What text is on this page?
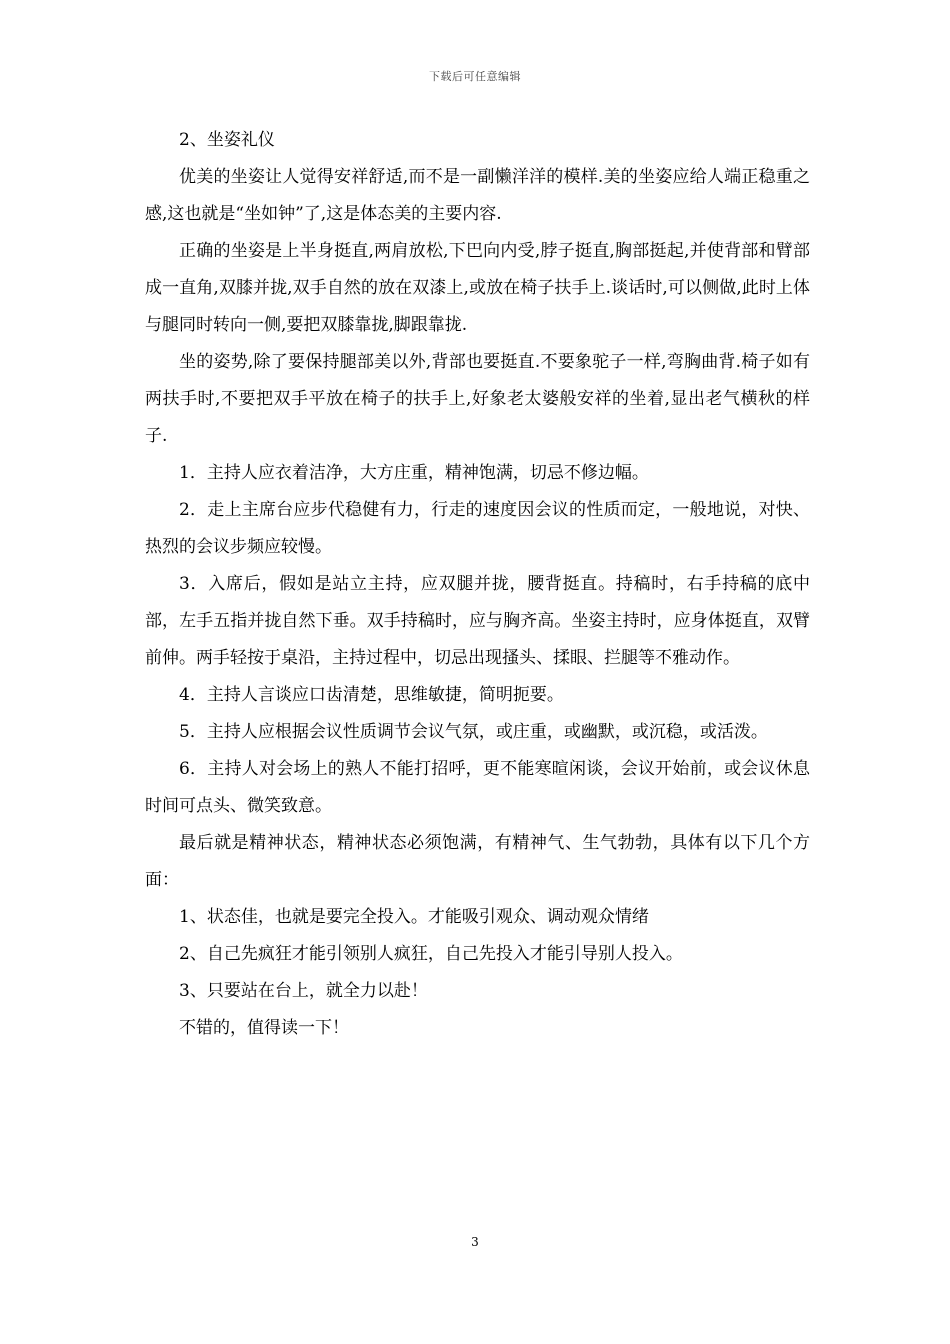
下载后可任意编辑

2、坐姿礼仪

优美的坐姿让人觉得安祥舒适,而不是一副懒洋洋的模样.美的坐姿应给人端正稳重之感,这也就是“坐如钟”了,这是体态美的主要内容.

正确的坐姿是上半身挺直,两肩放松,下巴向内受,脖子挺直,胸部挺起,并使背部和臂部成一直角,双膝并拢,双手自然的放在双漆上,或放在椅子扶手上.谈话时,可以侧做,此时上体与腿同时转向一侧,要把双膝靠拢,脚跟靠拢.

坐的姿势,除了要保持腿部美以外,背部也要挺直.不要象驼子一样,弯胸曲背.椅子如有两扶手时,不要把双手平放在椅子的扶手上,好象老太婆般安祥的坐着,显出老气横秋的样子.

1．主持人应衣着洁净，大方庄重，精神饱满，切忌不修边幅。

2．走上主席台应步代稳健有力，行走的速度因会议的性质而定，一般地说，对快、热烈的会议步频应较慢。

3．入席后，假如是站立主持，应双腿并拢，腰背挺直。持稿时，右手持稿的底中部，左手五指并拢自然下垂。双手持稿时，应与胸齐高。坐姿主持时，应身体挺直，双臂前伸。两手轻按于桌沿，主持过程中，切忌出现搔头、揉眼、拦腿等不雅动作。

4．主持人言谈应口齿清楚，思维敏捷，简明扼要。

5．主持人应根据会议性质调节会议气氛，或庄重，或幽默，或沉稳，或活泼。

6．主持人对会场上的熟人不能打招呼，更不能寒暄闲谈，会议开始前，或会议休息时间可点头、微笑致意。

最后就是精神状态，精神状态必须饱满，有精神气、生气勃勃，具体有以下几个方面：

1、状态佳，也就是要完全投入。才能吸引观众、调动观众情绪

2、自己先疯狂才能引领别人疯狂，自己先投入才能引导别人投入。

3、只要站在台上，就全力以赴！

不错的，值得读一下！

3
